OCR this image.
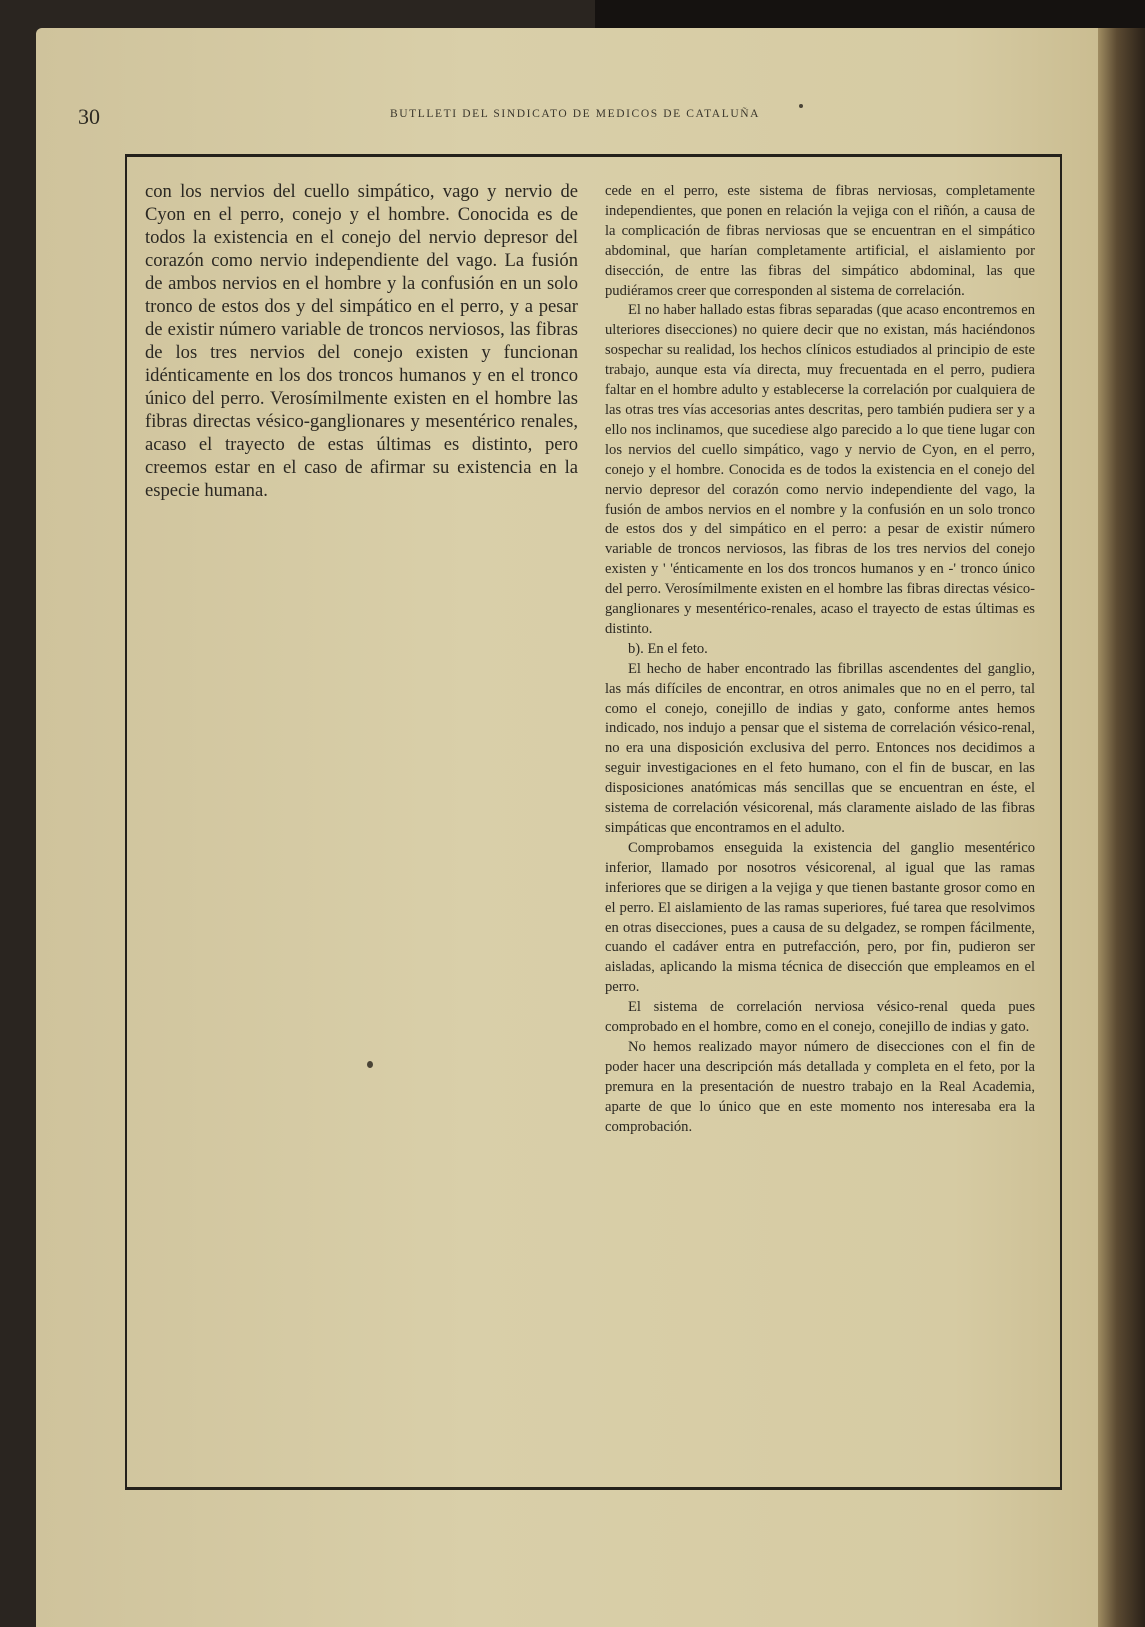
30	BUTLLETI DEL SINDICATO DE MEDICOS DE CATALUÑA

con los nervios del cuello simpático, vago y nervio de Cyon en el perro, conejo y el hombre. Conocida es de todos la existencia en el conejo del nervio depresor del corazón como nervio independiente del vago. La fusión de ambos nervios en el hombre y la confusión en un solo tronco de estos dos y del simpático en el perro, y a pesar de existir número variable de troncos nerviosos, las fibras de los tres nervios del conejo existen y funcionan idénticamente en los dos troncos humanos y en el tronco único del perro. Verosímilmente existen en el hombre las fibras directas vésico-ganglionares y mesentérico renales, acaso el trayecto de estas últimas es distinto, pero creemos estar en el caso de afirmar su existencia en la especie humana.

cede en el perro, este sistema de fibras nerviosas, completamente independientes, que ponen en relación la vejiga con el riñón, a causa de la complicación de fibras nerviosas que se encuentran en el simpático abdominal, que harían completamente artificial, el aislamiento por disección, de entre las fibras del simpático abdominal, las que pudiéramos creer que corresponden al sistema de correlación.

El no haber hallado estas fibras separadas (que acaso encontremos en ulteriores disecciones) no quiere decir que no existan, más haciéndonos sospechar su realidad, los hechos clínicos estudiados al principio de este trabajo, aunque esta vía directa, muy frecuentada en el perro, pudiera faltar en el hombre adulto y establecerse la correlación por cualquiera de las otras tres vías accesorias antes descritas, pero también pudiera ser y a ello nos inclinamos, que sucediese algo parecido a lo que tiene lugar con los nervios del cuello simpático, vago y nervio de Cyon, en el perro, conejo y el hombre. Conocida es de todos la existencia en el conejo del nervio depresor del corazón como nervio independiente del vago, la fusión de ambos nervios en el nombre y la confusión en un solo tronco de estos dos y del simpático en el perro: a pesar de existir número variable de troncos nerviosos, las fibras de los tres nervios del conejo existen y ' 'énticamente en los dos troncos humanos y en -' tronco único del perro. Verosímilmente existen en el hombre las fibras directas vésico-ganglionares y mesentérico-renales, acaso el trayecto de estas últimas es distinto.

b). En el feto.

El hecho de haber encontrado las fibrillas ascendentes del ganglio, las más difíciles de encontrar, en otros animales que no en el perro, tal como el conejo, conejillo de indias y gato, conforme antes hemos indicado, nos indujo a pensar que el sistema de correlación vésico-renal, no era una disposición exclusiva del perro. Entonces nos decidimos a seguir investigaciones en el feto humano, con el fin de buscar, en las disposiciones anatómicas más sencillas que se encuentran en éste, el sistema de correlación vésicorenal, más claramente aislado de las fibras simpáticas que encontramos en el adulto.

Comprobamos enseguida la existencia del ganglio mesentérico inferior, llamado por nosotros vésicorenal, al igual que las ramas inferiores que se dirigen a la vejiga y que tienen bastante grosor como en el perro. El aislamiento de las ramas superiores, fué tarea que resolvimos en otras disecciones, pues a causa de su delgadez, se rompen fácilmente, cuando el cadáver entra en putrefacción, pero, por fin, pudieron ser aisladas, aplicando la misma técnica de disección que empleamos en el perro.

El sistema de correlación nerviosa vésico-renal queda pues comprobado en el hombre, como en el conejo, conejillo de indias y gato.

No hemos realizado mayor número de disecciones con el fin de poder hacer una descripción más detallada y completa en el feto, por la premura en la presentación de nuestro trabajo en la Real Academia, aparte de que lo único que en este momento nos interesaba era la comprobación.
